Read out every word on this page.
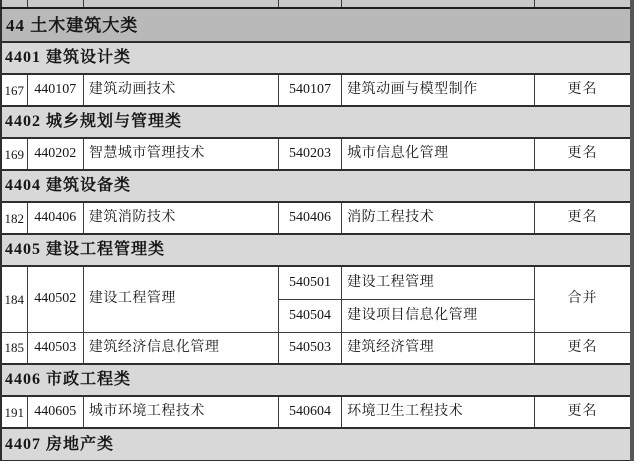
44 土木建筑大类					
4401 建筑设计类					
167	440107	建筑动画技术	540107	建筑动画与模型制作	更名
4402 城乡规划与管理类					
169	440202	智慧城市管理技术	540203	城市信息化管理	更名
4404 建筑设备类					
182	440406	建筑消防技术	540406	消防工程技术	更名
4405 建设工程管理类					
184	440502	建设工程管理	540501	建设工程管理	合并
			540504	建设项目信息化管理	
185	440503	建筑经济信息化管理	540503	建筑经济管理	更名
4406 市政工程类					
191	440605	城市环境工程技术	540604	环境卫生工程技术	更名
4407 房地产类					
